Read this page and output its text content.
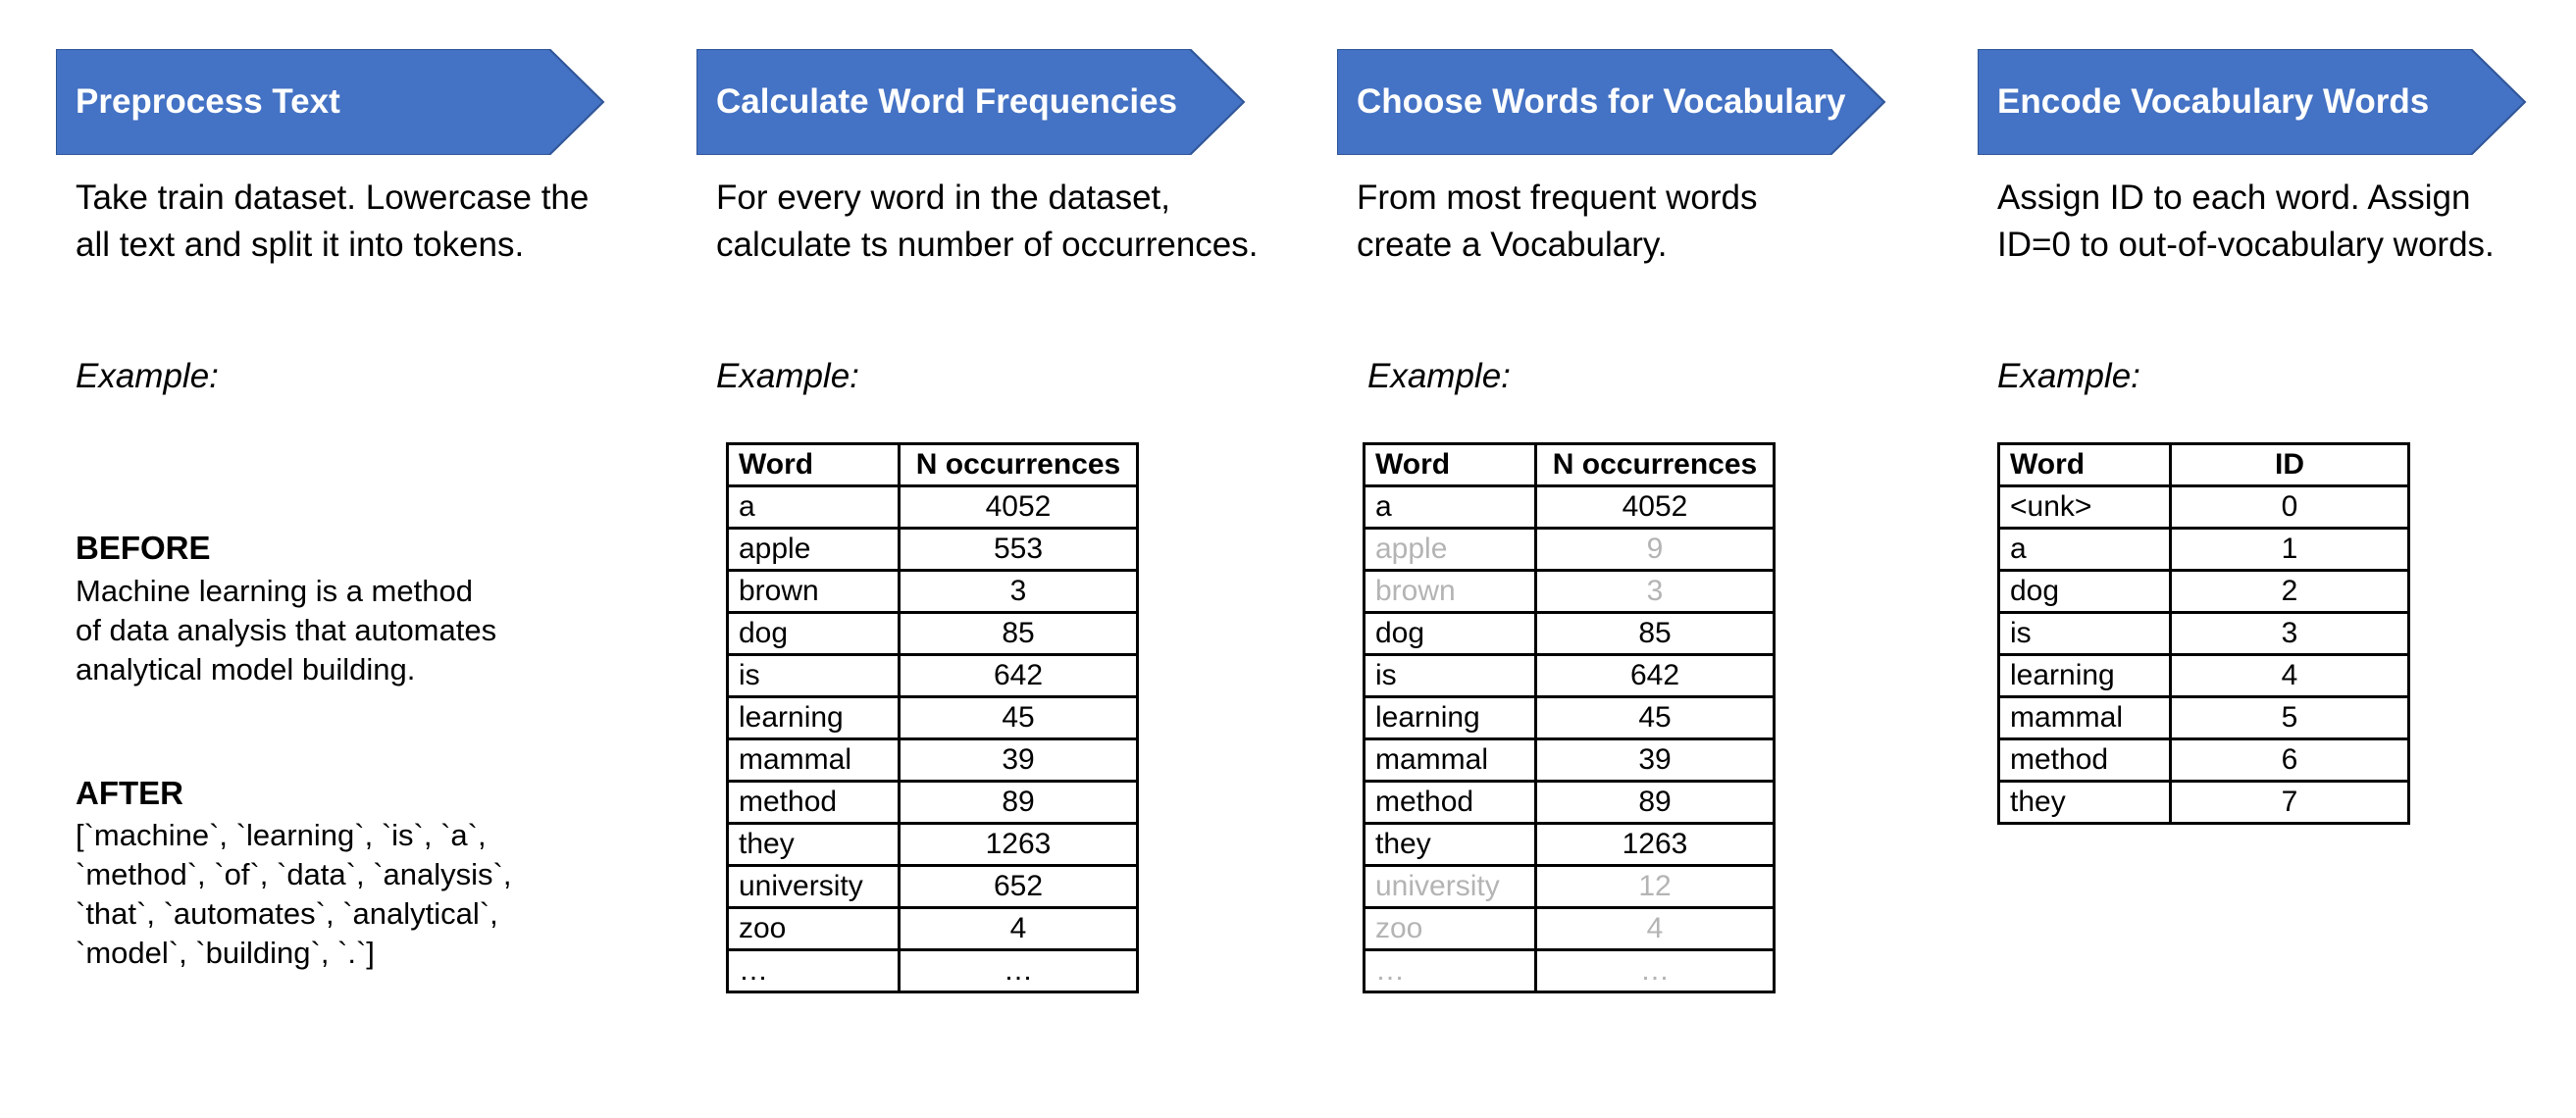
Preprocess Text
Take train dataset. Lowercase the
all text and split it into tokens.
Example:
BEFORE
Machine learning is a method
of data analysis that automates
analytical model building.
AFTER
[`machine`, `learning`, `is`, `a`,
`method`, `of`, `data`, `analysis`,
`that`, `automates`, `analytical`,
`model`, `building`, `.`]
Calculate Word Frequencies
For every word in the dataset,
calculate ts number of occurrences.
Example:
Word	N occurrences
a	4052
apple	553
brown	3
dog	85
is	642
learning	45
mammal	39
method	89
they	1263
university	652
zoo	4
…	…
Choose Words for Vocabulary
From most frequent words
create a Vocabulary.
Example:
Word	N occurrences
a	4052
apple	9
brown	3
dog	85
is	642
learning	45
mammal	39
method	89
they	1263
university	12
zoo	4
…	…
Encode Vocabulary Words
Assign ID to each word. Assign
ID=0 to out-of-vocabulary words.
Example:
Word	ID
<unk>	0
a	1
dog	2
is	3
learning	4
mammal	5
method	6
they	7
